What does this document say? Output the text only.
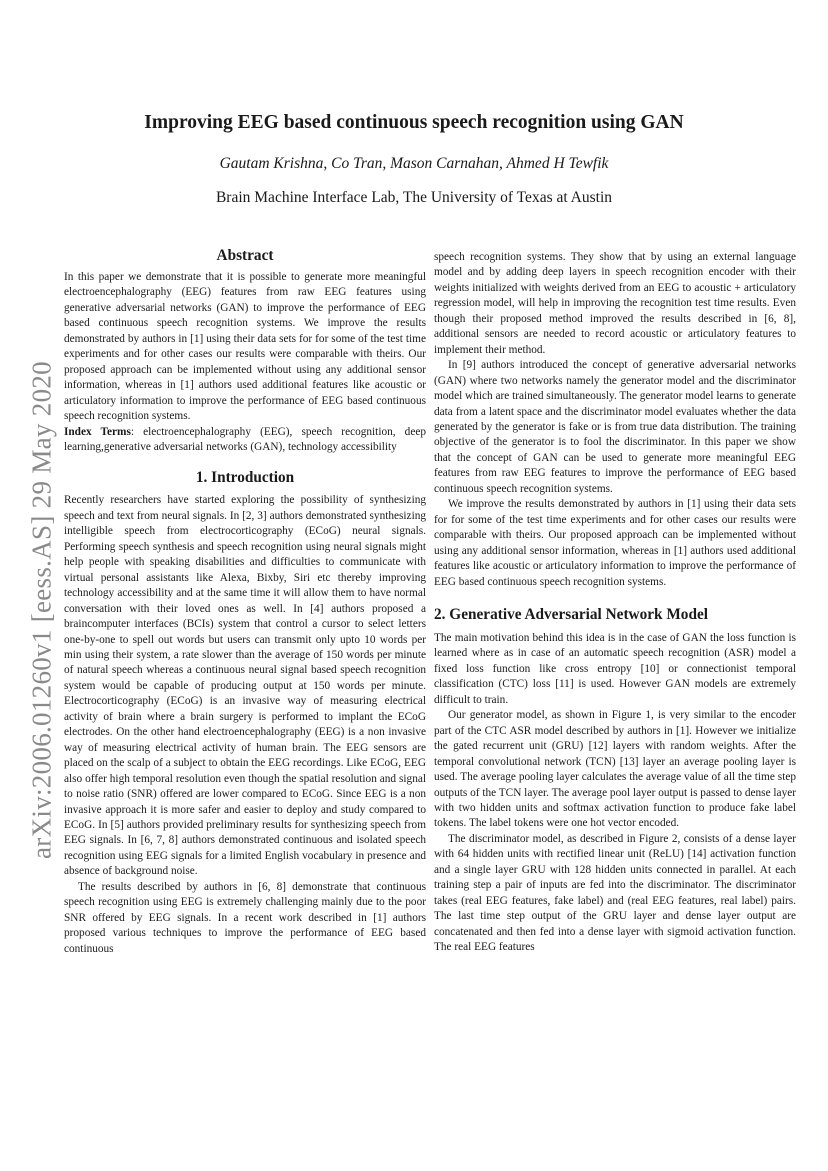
arXiv:2006.01260v1 [eess.AS] 29 May 2020
Improving EEG based continuous speech recognition using GAN
Gautam Krishna, Co Tran, Mason Carnahan, Ahmed H Tewfik
Brain Machine Interface Lab, The University of Texas at Austin
Abstract

In this paper we demonstrate that it is possible to generate more meaningful electroencephalography (EEG) features from raw EEG features using generative adversarial networks (GAN) to improve the performance of EEG based continuous speech recognition systems. We improve the results demonstrated by authors in [1] using their data sets for for some of the test time experiments and for other cases our results were comparable with theirs. Our proposed approach can be implemented without using any additional sensor information, whereas in [1] authors used additional features like acoustic or articulatory information to improve the performance of EEG based continuous speech recognition systems.

Index Terms: electroencephalography (EEG), speech recognition, deep learning,generative adversarial networks (GAN), technology accessibility

1. Introduction

Recently researchers have started exploring the possibility of synthesizing speech and text from neural signals. In [2, 3] authors demonstrated synthesizing intelligible speech from electrocorticography (ECoG) neural signals. Performing speech synthesis and speech recognition using neural signals might help people with speaking disabilities and difficulties to communicate with virtual personal assistants like Alexa, Bixby, Siri etc thereby improving technology accessibility and at the same time it will allow them to have normal conversation with their loved ones as well. In [4] authors proposed a braincomputer interfaces (BCIs) system that control a cursor to select letters one-by-one to spell out words but users can transmit only upto 10 words per min using their system, a rate slower than the average of 150 words per minute of natural speech whereas a continuous neural signal based speech recognition system would be capable of producing output at 150 words per minute. Electrocorticography (ECoG) is an invasive way of measuring electrical activity of brain where a brain surgery is performed to implant the ECoG electrodes. On the other hand electroencephalography (EEG) is a non invasive way of measuring electrical activity of human brain. The EEG sensors are placed on the scalp of a subject to obtain the EEG recordings. Like ECoG, EEG also offer high temporal resolution even though the spatial resolution and signal to noise ratio (SNR) offered are lower compared to ECoG. Since EEG is a non invasive approach it is more safer and easier to deploy and study compared to ECoG. In [5] authors provided preliminary results for synthesizing speech from EEG signals. In [6, 7, 8] authors demonstrated continuous and isolated speech recognition using EEG signals for a limited English vocabulary in presence and absence of background noise.

The results described by authors in [6, 8] demonstrate that continuous speech recognition using EEG is extremely challenging mainly due to the poor SNR offered by EEG signals. In a recent work described in [1] authors proposed various techniques to improve the performance of EEG based continuous

speech recognition systems. They show that by using an external language model and by adding deep layers in speech recognition encoder with their weights initialized with weights derived from an EEG to acoustic + articulatory regression model, will help in improving the recognition test time results. Even though their proposed method improved the results described in [6, 8], additional sensors are needed to record acoustic or articulatory features to implement their method.

In [9] authors introduced the concept of generative adversarial networks (GAN) where two networks namely the generator model and the discriminator model which are trained simultaneously. The generator model learns to generate data from a latent space and the discriminator model evaluates whether the data generated by the generator is fake or is from true data distribution. The training objective of the generator is to fool the discriminator. In this paper we show that the concept of GAN can be used to generate more meaningful EEG features from raw EEG features to improve the performance of EEG based continuous speech recognition systems.

We improve the results demonstrated by authors in [1] using their data sets for for some of the test time experiments and for other cases our results were comparable with theirs. Our proposed approach can be implemented without using any additional sensor information, whereas in [1] authors used additional features like acoustic or articulatory information to improve the performance of EEG based continuous speech recognition systems.

2. Generative Adversarial Network Model

The main motivation behind this idea is in the case of GAN the loss function is learned where as in case of an automatic speech recognition (ASR) model a fixed loss function like cross entropy [10] or connectionist temporal classification (CTC) loss [11] is used. However GAN models are extremely difficult to train.

Our generator model, as shown in Figure 1, is very similar to the encoder part of the CTC ASR model described by authors in [1]. However we initialize the gated recurrent unit (GRU) [12] layers with random weights. After the temporal convolutional network (TCN) [13] layer an average pooling layer is used. The average pooling layer calculates the average value of all the time step outputs of the TCN layer. The average pool layer output is passed to dense layer with two hidden units and softmax activation function to produce fake label tokens. The label tokens were one hot vector encoded.

The discriminator model, as described in Figure 2, consists of a dense layer with 64 hidden units with rectified linear unit (ReLU) [14] activation function and a single layer GRU with 128 hidden units connected in parallel. At each training step a pair of inputs are fed into the discriminator. The discriminator takes (real EEG features, fake label) and (real EEG features, real label) pairs. The last time step output of the GRU layer and dense layer output are concatenated and then fed into a dense layer with sigmoid activation function. The real EEG features
